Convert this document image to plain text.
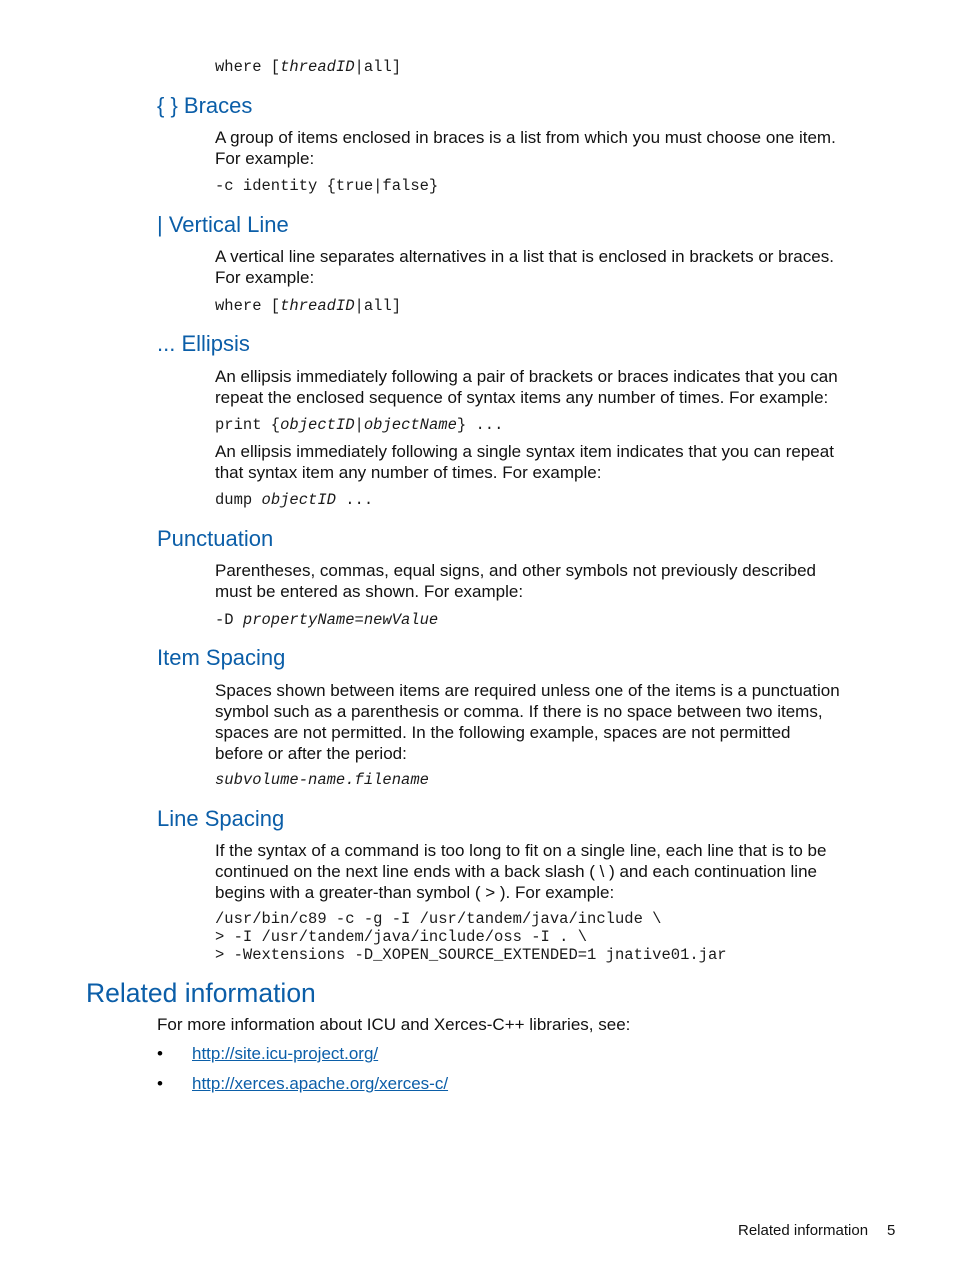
where [threadID|all]
{ } Braces

A group of items enclosed in braces is a list from which you must choose one item. For example:

-c identity {true|false}
| Vertical Line

A vertical line separates alternatives in a list that is enclosed in brackets or braces. For example:

where [threadID|all]
... Ellipsis

An ellipsis immediately following a pair of brackets or braces indicates that you can repeat the enclosed sequence of syntax items any number of times. For example:

print {objectID|objectName} ...

An ellipsis immediately following a single syntax item indicates that you can repeat that syntax item any number of times. For example:

dump objectID ...
Punctuation

Parentheses, commas, equal signs, and other symbols not previously described must be entered as shown. For example:

-D propertyName=newValue
Item Spacing

Spaces shown between items are required unless one of the items is a punctuation symbol such as a parenthesis or comma. If there is no space between two items, spaces are not permitted. In the following example, spaces are not permitted before or after the period:

subvolume-name.filename
Line Spacing

If the syntax of a command is too long to fit on a single line, each line that is to be continued on the next line ends with a back slash ( \ ) and each continuation line begins with a greater-than symbol ( > ). For example:

/usr/bin/c89 -c -g -I /usr/tandem/java/include \
> -I /usr/tandem/java/include/oss -I . \
> -Wextensions -D_XOPEN_SOURCE_EXTENDED=1 jnative01.jar
Related information

For more information about ICU and Xerces-C++ libraries, see:

• http://site.icu-project.org/
• http://xerces.apache.org/xerces-c/
Related information 5
